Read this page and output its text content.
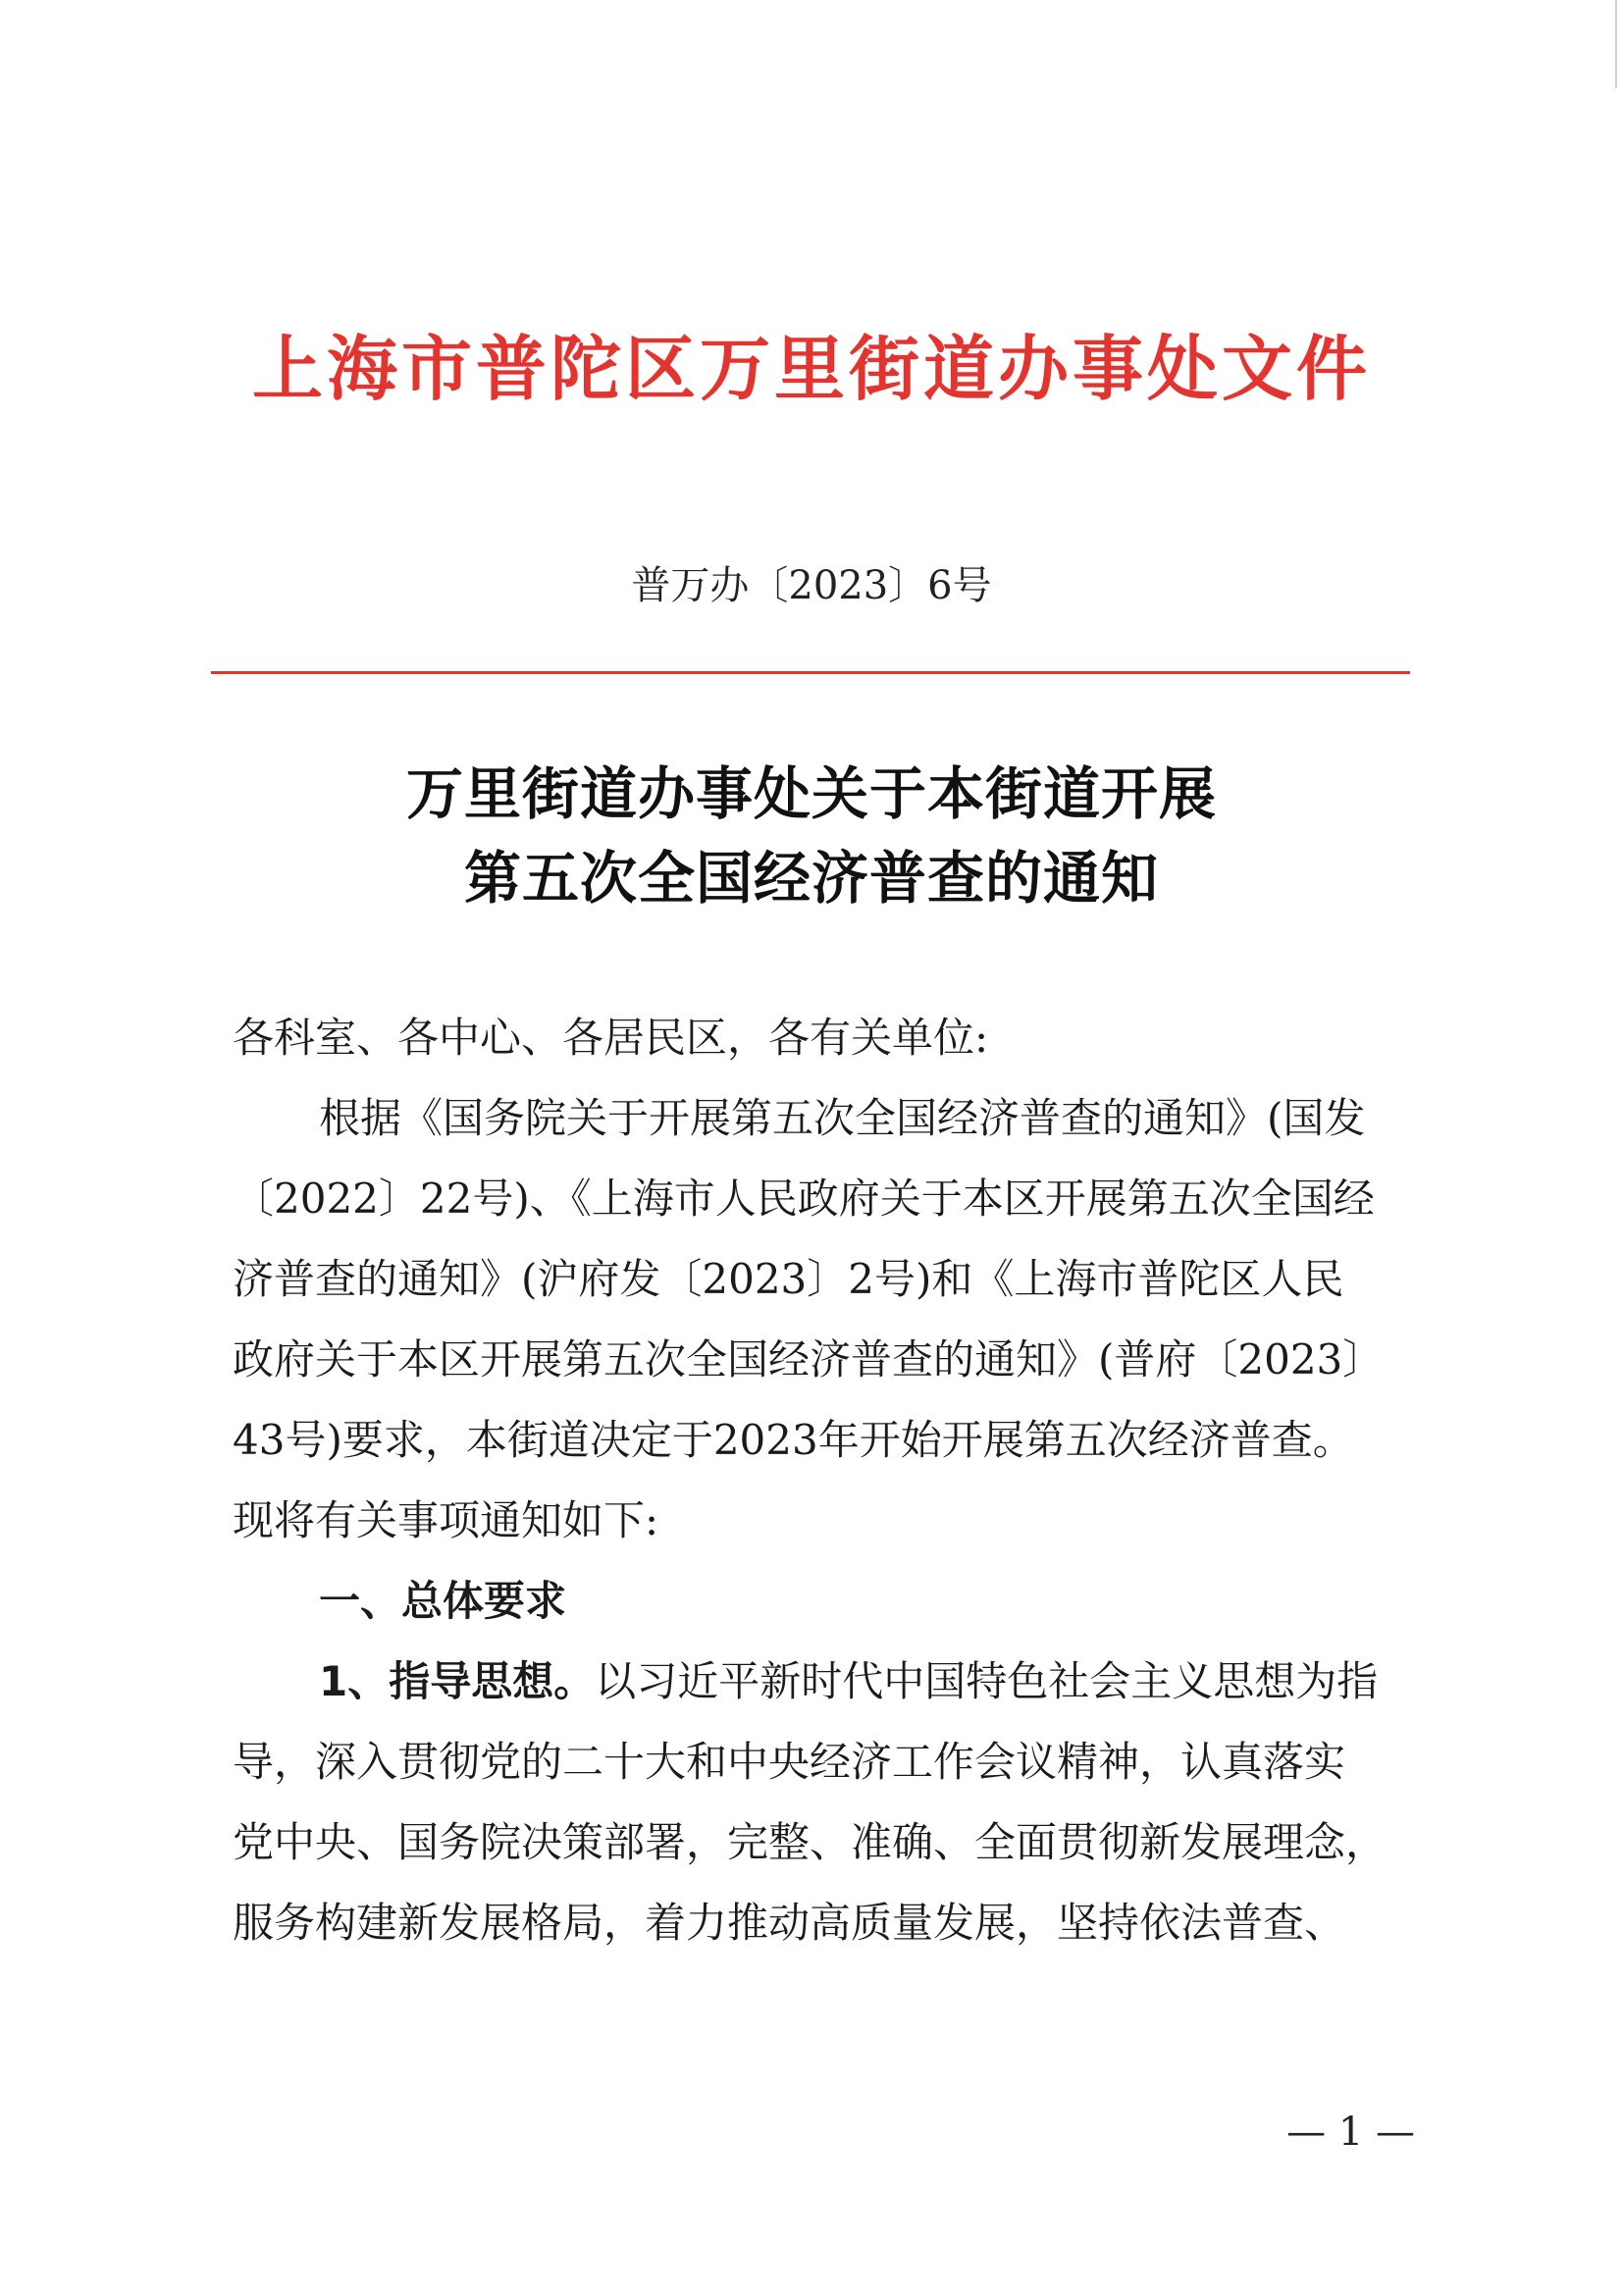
上海市普陀区万里街道办事处文件
普万办〔2023〕6号
万里街道办事处关于本街道开展
第五次全国经济普查的通知
各科室、各中心、各居民区，各有关单位:
根据《国务院关于开展第五次全国经济普查的通知》(国发
〔2022〕22号)、《上海市人民政府关于本区开展第五次全国经
济普查的通知》(沪府发〔2023〕2号)和《上海市普陀区人民
政府关于本区开展第五次全国经济普查的通知》(普府〔2023〕
43号)要求，本街道决定于2023年开始开展第五次经济普查。
现将有关事项通知如下:
一、总体要求
1、指导思想。以习近平新时代中国特色社会主义思想为指
导，深入贯彻党的二十大和中央经济工作会议精神，认真落实
党中央、国务院决策部署，完整、准确、全面贯彻新发展理念，
服务构建新发展格局，着力推动高质量发展，坚持依法普查、
— 1 —
